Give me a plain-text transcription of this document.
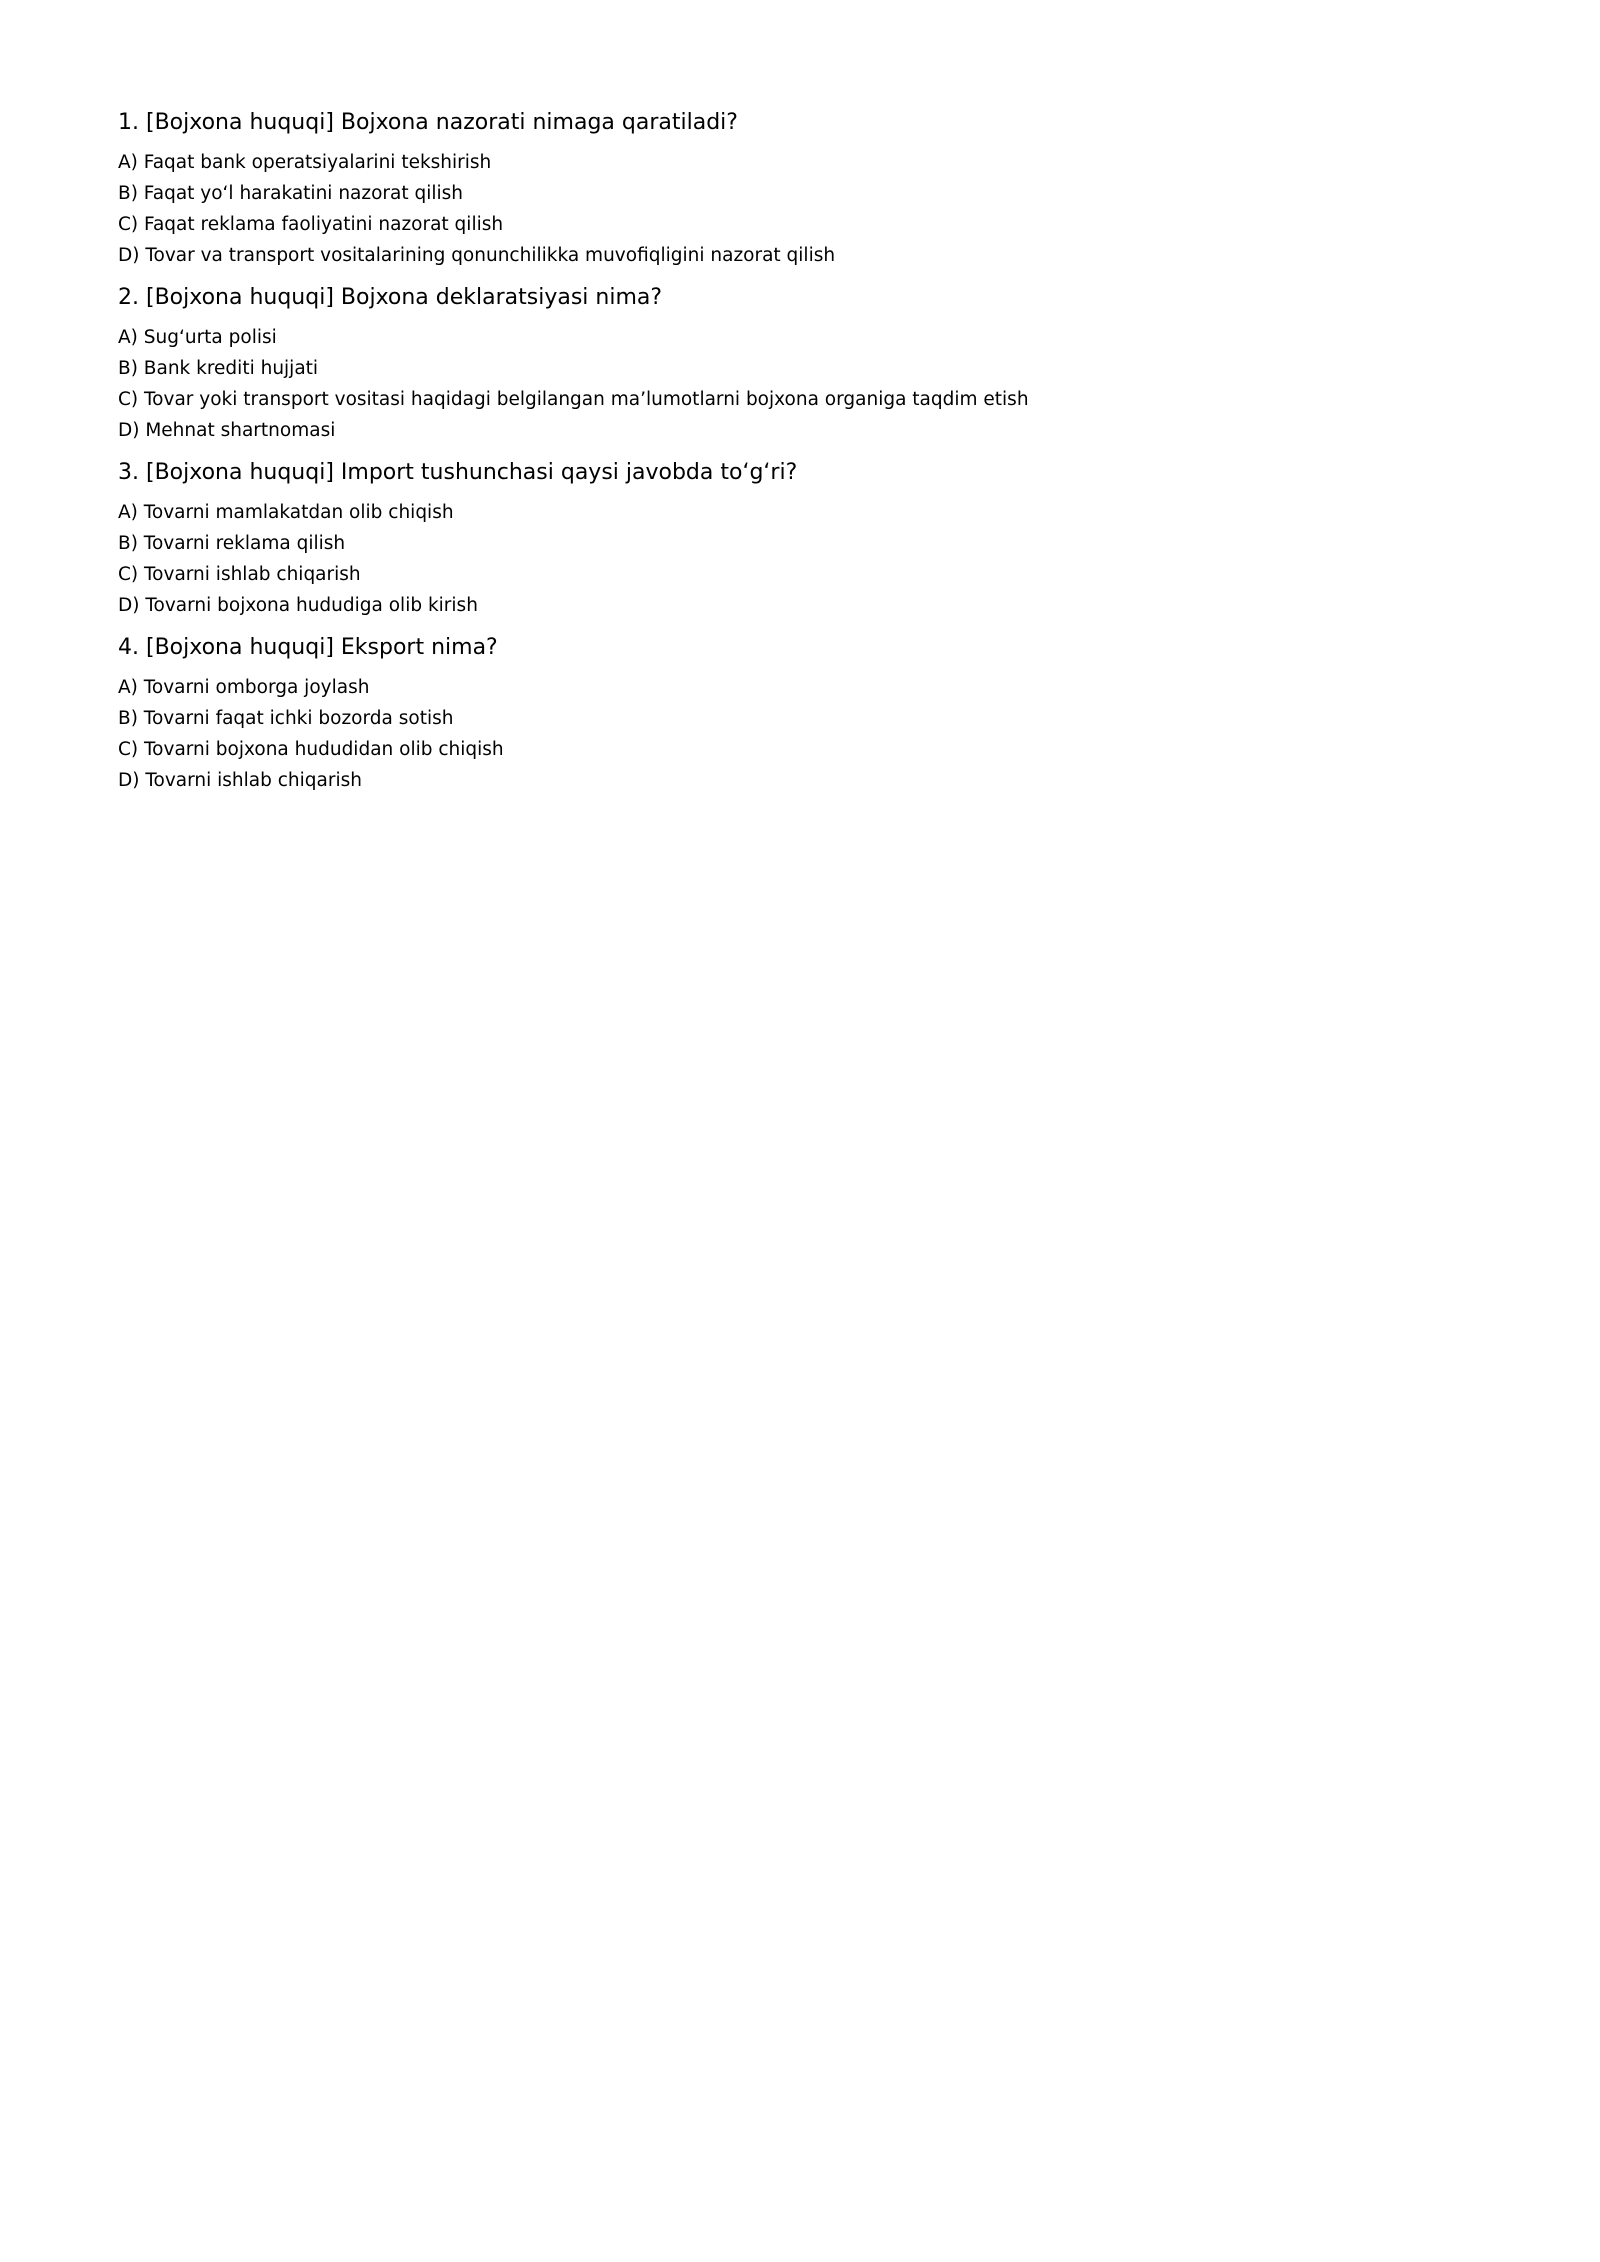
1. [Bojxona huquqi] Bojxona nazorati nimaga qaratiladi?
A) Faqat bank operatsiyalarini tekshirish
B) Faqat yo‘l harakatini nazorat qilish
C) Faqat reklama faoliyatini nazorat qilish
D) Tovar va transport vositalarining qonunchilikka muvofiqligini nazorat qilish
2. [Bojxona huquqi] Bojxona deklaratsiyasi nima?
A) Sug‘urta polisi
B) Bank krediti hujjati
C) Tovar yoki transport vositasi haqidagi belgilangan ma’lumotlarni bojxona organiga taqdim etish
D) Mehnat shartnomasi
3. [Bojxona huquqi] Import tushunchasi qaysi javobda to‘g‘ri?
A) Tovarni mamlakatdan olib chiqish
B) Tovarni reklama qilish
C) Tovarni ishlab chiqarish
D) Tovarni bojxona hududiga olib kirish
4. [Bojxona huquqi] Eksport nima?
A) Tovarni omborga joylash
B) Tovarni faqat ichki bozorda sotish
C) Tovarni bojxona hududidan olib chiqish
D) Tovarni ishlab chiqarish
